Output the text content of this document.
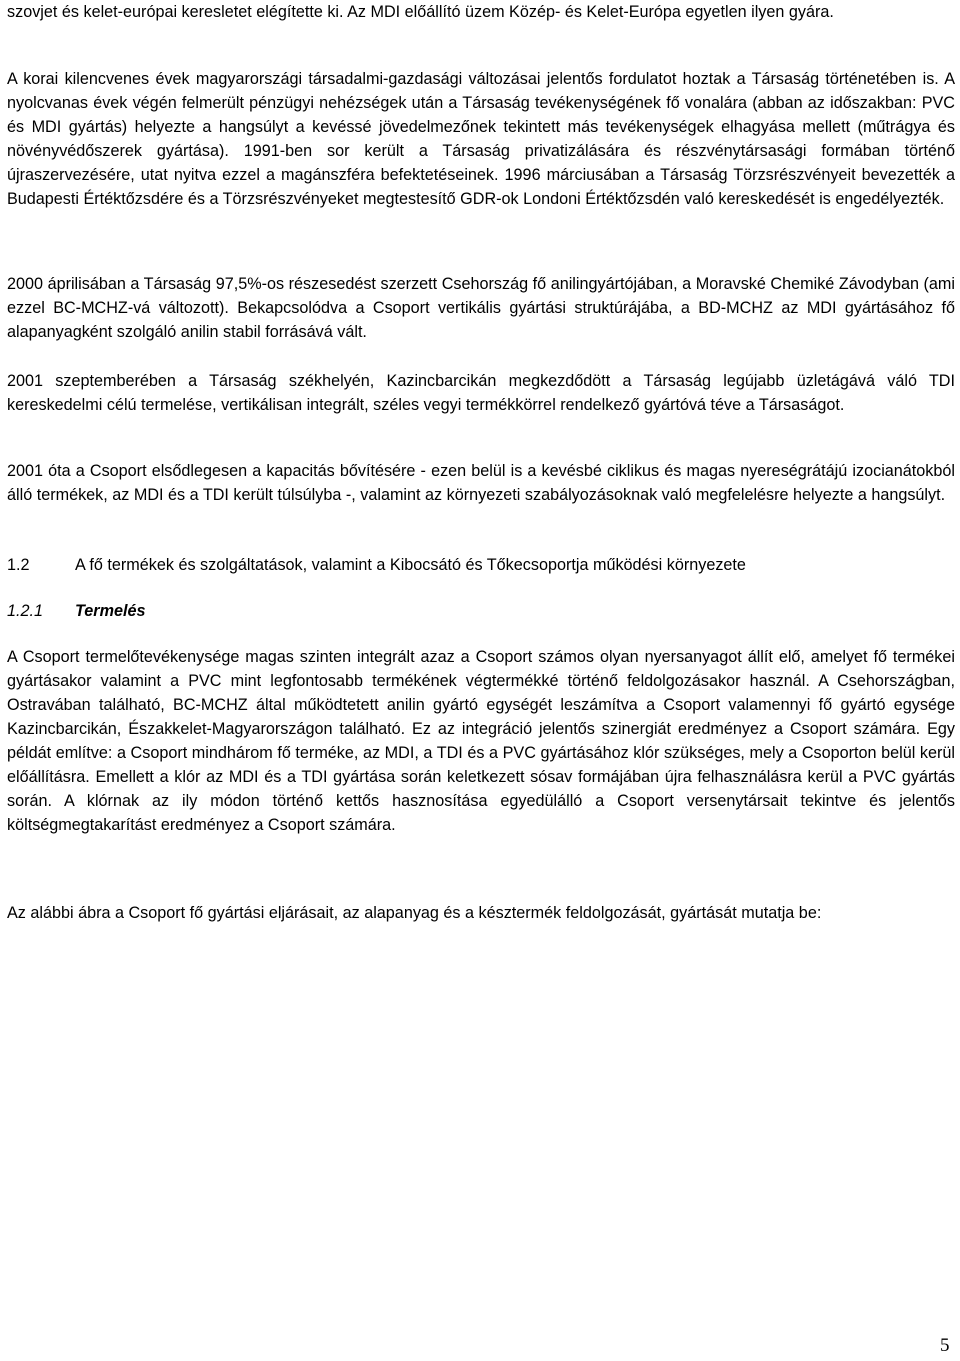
szovjet és kelet-európai keresletet elégítette ki. Az MDI előállító üzem Közép- és Kelet-Európa egyetlen ilyen gyára.

A korai kilencvenes évek magyarországi társadalmi-gazdasági változásai jelentős fordulatot hoztak a Társaság történetében is. A nyolcvanas évek végén felmerült pénzügyi nehézségek után a Társaság tevékenységének fő vonalára (abban az időszakban: PVC és MDI gyártás) helyezte a hangsúlyt a kevéssé jövedelmezőnek tekintett más tevékenységek elhagyása mellett (műtrágya és növényvédőszerek gyártása). 1991-ben sor került a Társaság privatizálására és részvénytársasági formában történő újraszervezésére, utat nyitva ezzel a magánszféra befektetéseinek. 1996 márciusában a Társaság Törzsrészvényeit bevezették a Budapesti Értéktőzsdére és a Törzsrészvényeket megtestesítő GDR-ok Londoni Értéktőzsdén való kereskedését is engedélyezték.

2000 áprilisában a Társaság 97,5%-os részesedést szerzett Csehország fő anilingyártójában, a Moravské Chemiké Závodyban (ami ezzel BC-MCHZ-vá változott). Bekapcsolódva a Csoport vertikális gyártási struktúrájába, a BD-MCHZ az MDI gyártásához fő alapanyagként szolgáló anilin stabil forrásává vált.

2001 szeptemberében a Társaság székhelyén, Kazincbarcikán megkezdődött a Társaság legújabb üzletágává váló TDI kereskedelmi célú termelése, vertikálisan integrált, széles vegyi termékkörrel rendelkező gyártóvá téve a Társaságot.

2001 óta a Csoport elsődlegesen a kapacitás bővítésére - ezen belül is a kevésbé ciklikus és magas nyereségrátájú izocianátokból álló termékek, az MDI és a TDI került túlsúlyba -, valamint az környezeti szabályozásoknak való megfelelésre helyezte a hangsúlyt.

1.2	A fő termékek és szolgáltatások, valamint a Kibocsátó és Tőkecsoportja működési környezete
1.2.1	Termelés

A Csoport termelőtevékenysége magas szinten integrált azaz a Csoport számos olyan nyersanyagot állít elő, amelyet fő termékei gyártásakor valamint a PVC mint legfontosabb termékének végtermékké történő feldolgozásakor használ. A Csehországban, Ostravában található, BC-MCHZ által működtetett anilin gyártó egységét leszámítva a Csoport valamennyi fő gyártó egysége Kazincbarcikán, Északkelet-Magyarországon található. Ez az integráció jelentős szinergiát eredményez a Csoport számára. Egy példát említve: a Csoport mindhárom fő terméke, az MDI, a TDI és a PVC gyártásához klór szükséges, mely a Csoporton belül kerül előállításra. Emellett a klór az MDI és a TDI gyártása során keletkezett sósav formájában újra felhasználásra kerül a PVC gyártás során. A klórnak az ily módon történő kettős hasznosítása egyedülálló a Csoport versenytársait tekintve és jelentős költségmegtakarítást eredményez a Csoport számára.

Az alábbi ábra a Csoport fő gyártási eljárásait, az alapanyag és a késztermék feldolgozását, gyártását mutatja be:

5
